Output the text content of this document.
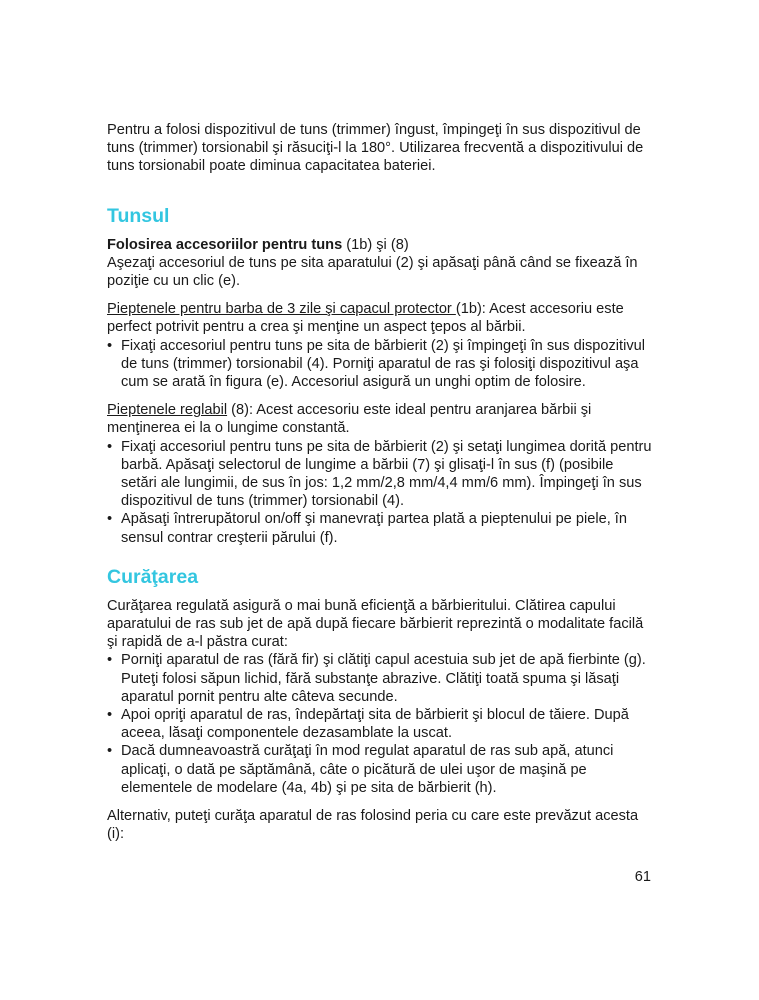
Pentru a folosi dispozitivul de tuns (trimmer) îngust, împingeţi în sus dispozitivul de tuns (trimmer) torsionabil şi răsuciţi-l la 180°. Utilizarea frecventă a dispozitivului de tuns torsionabil poate diminua capacitatea bateriei.

Tunsul

Folosirea accesoriilor pentru tuns (1b) şi (8)

Aşezaţi accesoriul de tuns pe sita aparatului (2) şi apăsaţi până când se fixează în poziţie cu un clic (e).

Pieptenele pentru barba de 3 zile şi capacul protector (1b): Acest accesoriu este perfect potrivit pentru a crea şi menţine un aspect ţepos al bărbii.

• Fixaţi accesoriul pentru tuns pe sita de bărbierit (2) şi împingeţi în sus dispozitivul de tuns (trimmer) torsionabil (4). Porniţi aparatul de ras şi folosiţi dispozitivul aşa cum se arată în figura (e). Accesoriul asigură un unghi optim de folosire.

Pieptenele reglabil (8): Acest accesoriu este ideal pentru aranjarea bărbii şi menţinerea ei la o lungime constantă.

• Fixaţi accesoriul pentru tuns pe sita de bărbierit (2) şi setaţi lungimea dorită pentru barbă. Apăsaţi selectorul de lungime a bărbii (7) şi glisaţi-l în sus (f) (posibile setări ale lungimii, de sus în jos: 1,2 mm/2,8 mm/4,4 mm/6 mm). Împingeţi în sus dispozitivul de tuns (trimmer) torsionabil (4).
• Apăsaţi întrerupătorul on/off şi manevraţi partea plată a pieptenului pe piele, în sensul contrar creşterii părului (f).
Curăţarea

Curăţarea regulată asigură o mai bună eficienţă a bărbieritului. Clătirea capului aparatului de ras sub jet de apă după fiecare bărbierit reprezintă o modalitate facilă şi rapidă de a-l păstra curat:

• Porniţi aparatul de ras (fără fir) şi clătiţi capul acestuia sub jet de apă fierbinte (g). Puteţi folosi săpun lichid, fără substanţe abrazive. Clătiţi toată spuma şi lăsaţi aparatul pornit pentru alte câteva secunde.
• Apoi opriţi aparatul de ras, îndepărtaţi sita de bărbierit şi blocul de tăiere. După aceea, lăsaţi componentele dezasamblate la uscat.
• Dacă dumneavoastră curăţaţi în mod regulat aparatul de ras sub apă, atunci aplicaţi, o dată pe săptămână, câte o picătură de ulei uşor de maşină pe elementele de modelare (4a, 4b) şi pe sita de bărbierit (h).

Alternativ, puteţi curăţa aparatul de ras folosind peria cu care este prevăzut acesta (i):

61
